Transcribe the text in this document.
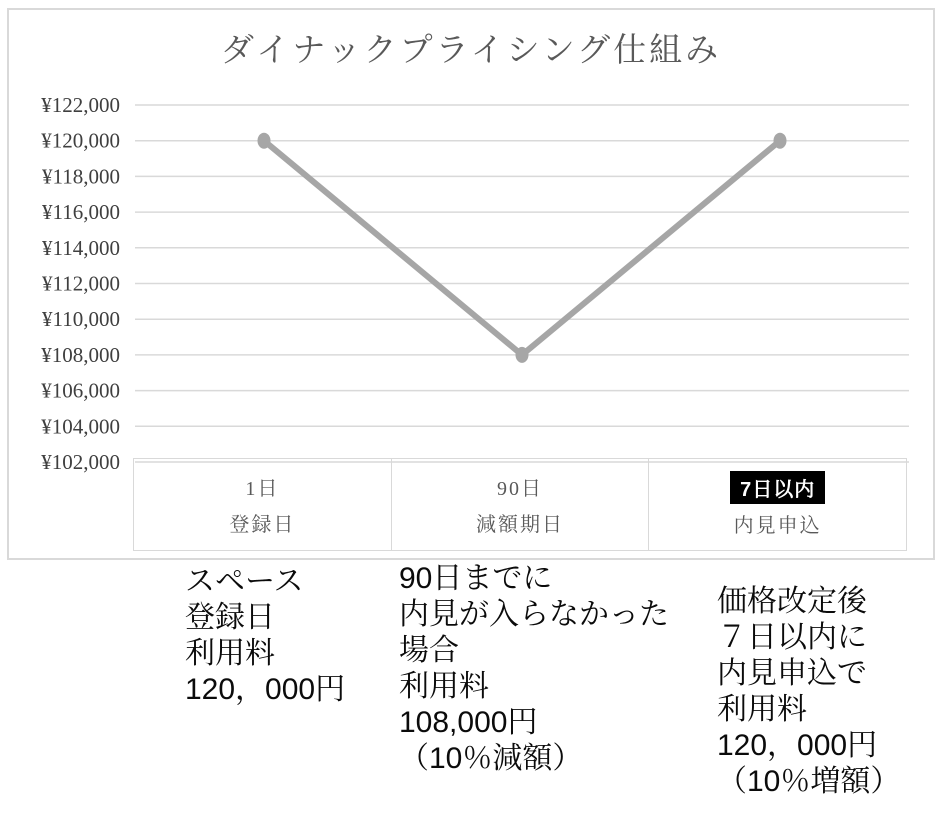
¥122,000
¥120,000
¥118,000
¥116,000
¥114,000
¥112,000
¥110,000
¥108,000
¥106,000
¥104,000
¥102,000
ダイナックプライシング仕組み
1日
登録日
90日
減額期日
7日以内
内見申込
スペース
登録日
利用料
120，000円
90日までに
内見が入らなかった
場合
利用料
108,000円
（10％減額）
価格改定後
７日以内に
内見申込で
利用料
120，000円
（10％増額）
